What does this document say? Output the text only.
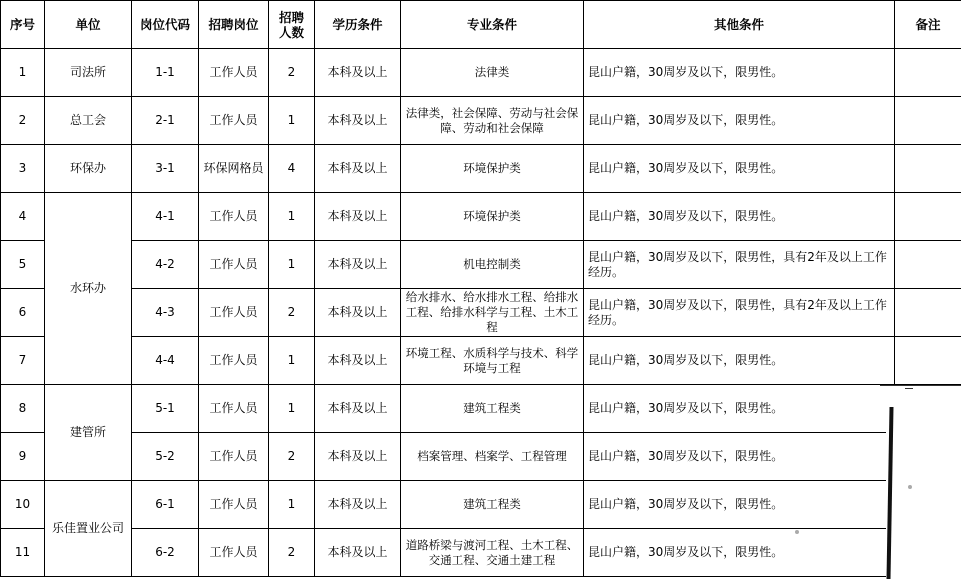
序号	单位	岗位代码	招聘岗位	招聘人数	学历条件	专业条件	其他条件	备注
1	司法所	1-1	工作人员	2	本科及以上	法律类	昆山户籍，30周岁及以下，限男性。	
2	总工会	2-1	工作人员	1	本科及以上	法律类，社会保障、劳动与社会保障、劳动和社会保障	昆山户籍，30周岁及以下，限男性。	
3	环保办	3-1	环保网格员	4	本科及以上	环境保护类	昆山户籍，30周岁及以下，限男性。	
4	水环办	4-1	工作人员	1	本科及以上	环境保护类	昆山户籍，30周岁及以下，限男性。	
5		4-2	工作人员	1	本科及以上	机电控制类	昆山户籍，30周岁及以下，限男性，具有2年及以上工作经历。	
6		4-3	工作人员	2	本科及以上	给水排水、给水排水工程、给排水工程、给排水科学与工程、土木工程	昆山户籍，30周岁及以下，限男性，具有2年及以上工作经历。	
7		4-4	工作人员	1	本科及以上	环境工程、水质科学与技术、科学环境与工程	昆山户籍，30周岁及以下，限男性。	
8	建管所	5-1	工作人员	1	本科及以上	建筑工程类	昆山户籍，30周岁及以下，限男性。	
9		5-2	工作人员	2	本科及以上	档案管理、档案学、工程管理	昆山户籍，30周岁及以下，限男性。	
10	乐佳置业公司	6-1	工作人员	1	本科及以上	建筑工程类	昆山户籍，30周岁及以下，限男性。	
11		6-2	工作人员	2	本科及以上	道路桥梁与渡河工程、土木工程、交通工程、交通土建工程	昆山户籍，30周岁及以下，限男性。	
